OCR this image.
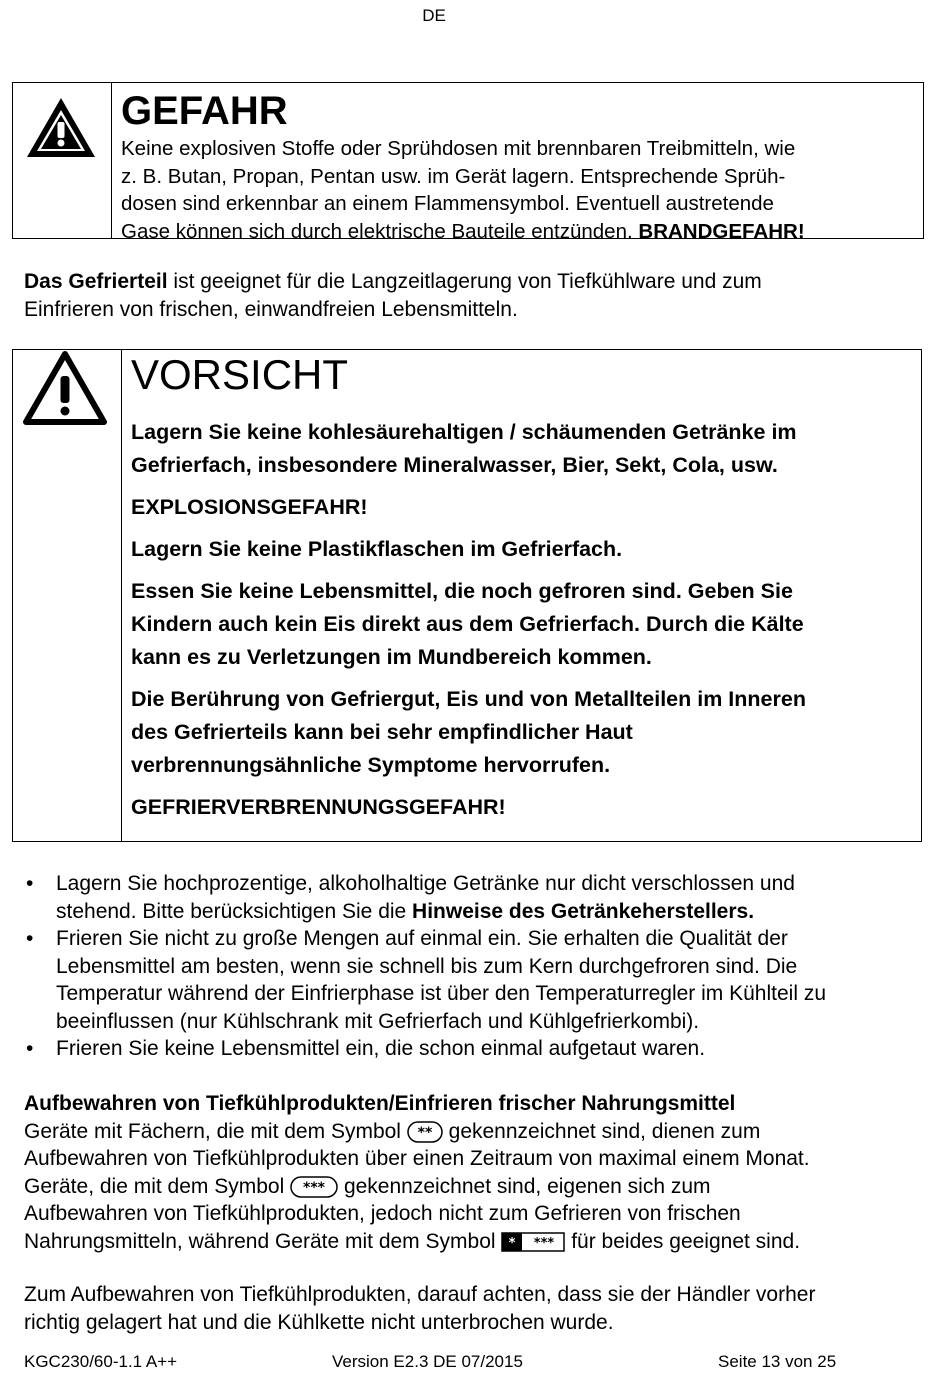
DE
GEFAHR
Keine explosiven Stoffe oder Sprühdosen mit brennbaren Treibmitteln, wie
z. B. Butan, Propan, Pentan usw. im Gerät lagern. Entsprechende Sprüh-
dosen sind erkennbar an einem Flammensymbol. Eventuell austretende
Gase können sich durch elektrische Bauteile entzünden. BRANDGEFAHR!
Das Gefrierteil ist geeignet für die Langzeitlagerung von Tiefkühlware und zum
Einfrieren von frischen, einwandfreien Lebensmitteln.
VORSICHT

Lagern Sie keine kohlesäurehaltigen / schäumenden Getränke im
Gefrierfach, insbesondere Mineralwasser, Bier, Sekt, Cola, usw.

EXPLOSIONSGEFAHR!

Lagern Sie keine Plastikflaschen im Gefrierfach.

Essen Sie keine Lebensmittel, die noch gefroren sind. Geben Sie
Kindern auch kein Eis direkt aus dem Gefrierfach. Durch die Kälte
kann es zu Verletzungen im Mundbereich kommen.

Die Berührung von Gefriergut, Eis und von Metallteilen im Inneren
des Gefrierteils kann bei sehr empfindlicher Haut
verbrennungsähnliche Symptome hervorrufen.

GEFRIERVERBRENNUNGSGEFAHR!

• Lagern Sie hochprozentige, alkoholhaltige Getränke nur dicht verschlossen und
stehend. Bitte berücksichtigen Sie die Hinweise des Getränkeherstellers.
• Frieren Sie nicht zu große Mengen auf einmal ein. Sie erhalten die Qualität der
Lebensmittel am besten, wenn sie schnell bis zum Kern durchgefroren sind. Die
Temperatur während der Einfrierphase ist über den Temperaturregler im Kühlteil zu
beeinflussen (nur Kühlschrank mit Gefrierfach und Kühlgefrierkombi).
• Frieren Sie keine Lebensmittel ein, die schon einmal aufgetaut waren.
Aufbewahren von Tiefkühlprodukten/Einfrieren frischer Nahrungsmittel
Geräte mit Fächern, die mit dem Symbol ** gekennzeichnet sind, dienen zum
Aufbewahren von Tiefkühlprodukten über einen Zeitraum von maximal einem Monat.
Geräte, die mit dem Symbol *** gekennzeichnet sind, eigenen sich zum
Aufbewahren von Tiefkühlprodukten, jedoch nicht zum Gefrieren von frischen
Nahrungsmitteln, während Geräte mit dem Symbol	***
* für beides geeignet sind.
Zum Aufbewahren von Tiefkühlprodukten, darauf achten, dass sie der Händler vorher
richtig gelagert hat und die Kühlkette nicht unterbrochen wurde.
KGC230/60-1.1 A++	Version E2.3 DE 07/2015	Seite 13 von 25
